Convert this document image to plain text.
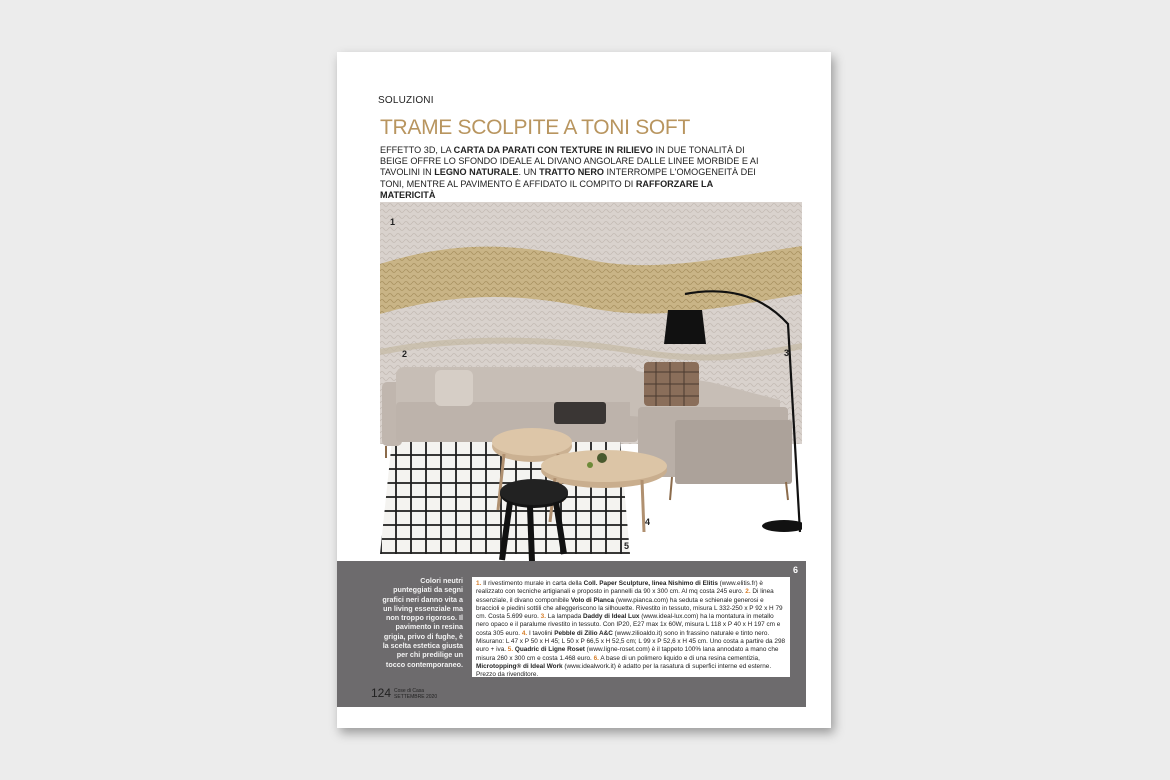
SOLUZIONI
TRAME SCOLPITE A TONI SOFT
EFFETTO 3D, LA CARTA DA PARATI CON TEXTURE IN RILIEVO IN DUE TONALITÀ DI BEIGE OFFRE LO SFONDO IDEALE AL DIVANO ANGOLARE DALLE LINEE MORBIDE E AI TAVOLINI IN LEGNO NATURALE. UN TRATTO NERO INTERROMPE L'OMOGENEITÀ DEI TONI, MENTRE AL PAVIMENTO È AFFIDATO IL COMPITO DI RAFFORZARE LA MATERICITÀ
1
2	3
4
5
6
Colori neutri punteggiati da segni grafici neri danno vita a un living essenziale ma non troppo rigoroso. Il pavimento in resina grigia, privo di fughe, è la scelta estetica giusta per chi predilige un tocco contemporaneo.
1. Il rivestimento murale in carta della Coll. Paper Sculpture, linea Nishimo di Elitis (www.elitis.fr) è realizzato con tecniche artigianali e proposto in pannelli da 90 x 300 cm. Al mq costa 245 euro. 2. Di linea essenziale, il divano componibile Volo di Pianca (www.pianca.com) ha seduta e schienale generosi e braccioli e piedini sottili che alleggeriscono la silhouette. Rivestito in tessuto, misura L 332-250 x P 92 x H 79 cm. Costa 5.699 euro. 3. La lampada Daddy di Ideal Lux (www.ideal-lux.com) ha la montatura in metallo nero opaco e il paralume rivestito in tessuto. Con IP20, E27 max 1x 60W, misura L 118 x P 40 x H 197 cm e costa 305 euro. 4. I tavolini Pebble di Zilio A&C (www.zilioaldo.it) sono in frassino naturale e tinto nero. Misurano: L 47 x P 50 x H 45; L 50 x P 66,5 x H 52,5 cm; L 99 x P 52,6 x H 45 cm. Uno costa a partire da 298 euro + iva. 5. Quadric di Ligne Roset (www.ligne-roset.com) è il tappeto 100% lana annodato a mano che misura 260 x 300 cm e costa 1.468 euro. 6. A base di un polimero liquido e di una resina cementizia, Microtopping® di Ideal Work (www.idealwork.it) è adatto per la rasatura di superfici interne ed esterne. Prezzo da rivenditore.
124 Cose di Casa
SETTEMBRE 2020
